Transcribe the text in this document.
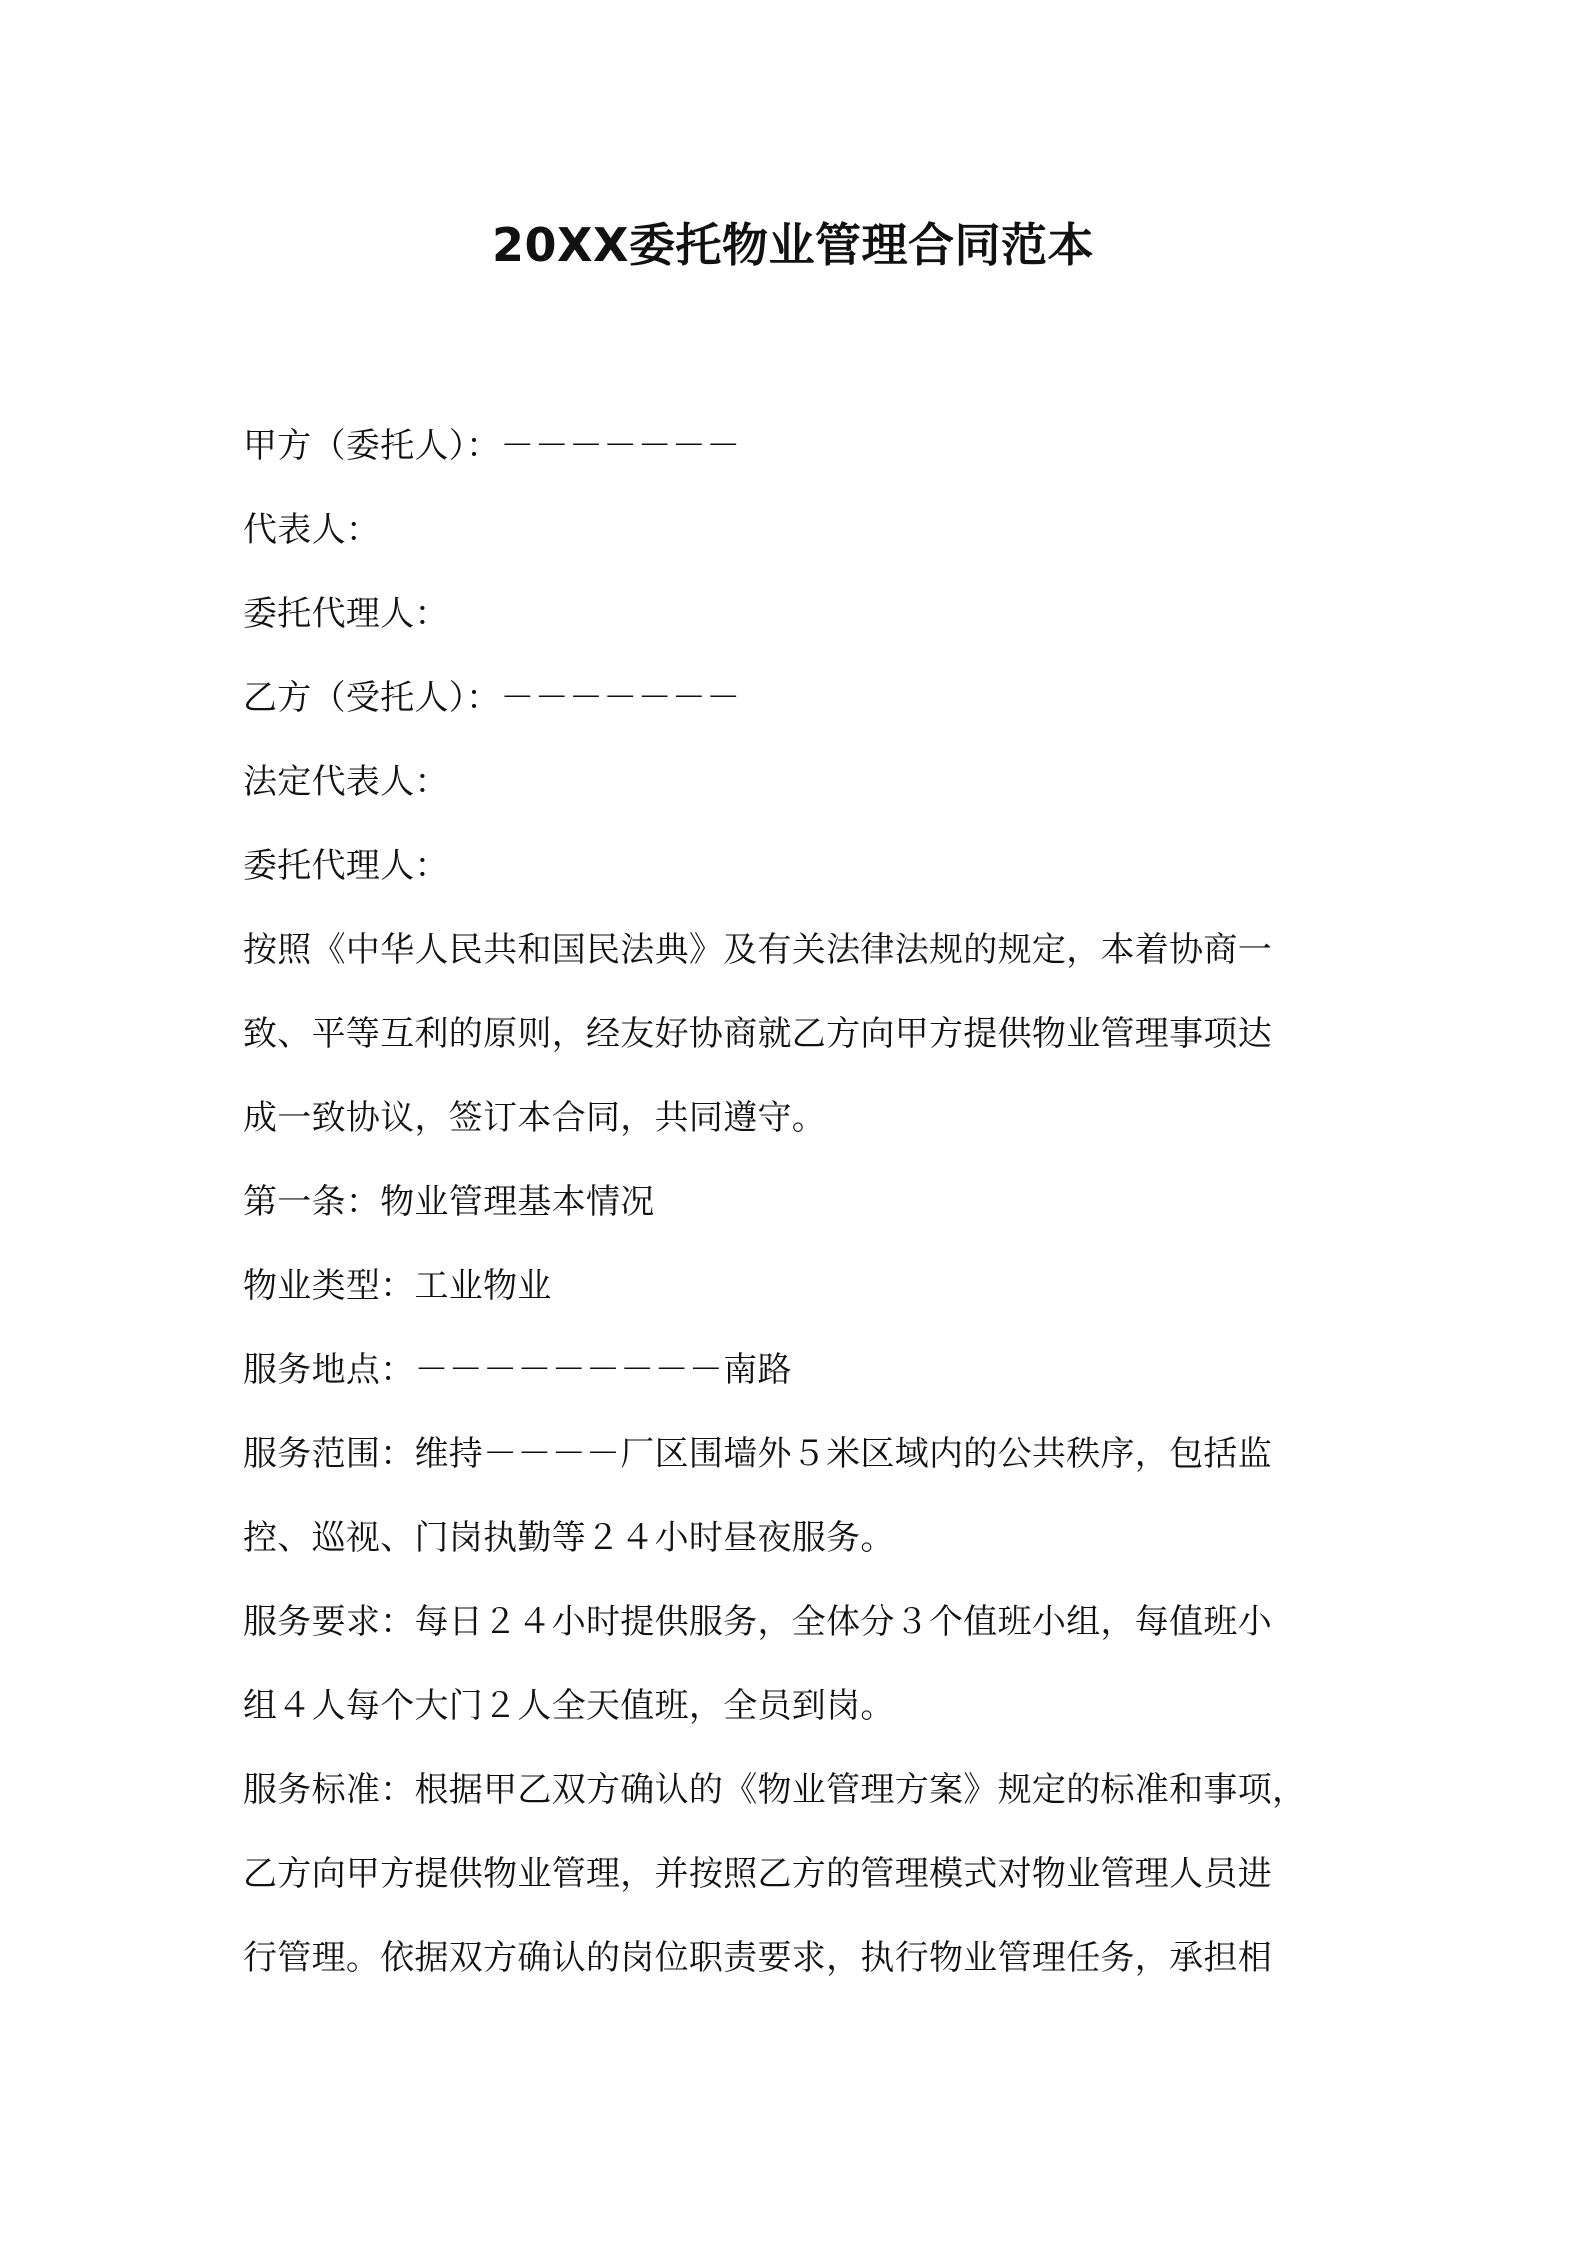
20XX委托物业管理合同范本
甲方（委托人）：－－－－－－－
代表人：
委托代理人：
乙方（受托人）：－－－－－－－
法定代表人：
委托代理人：
按照《中华人民共和国民法典》及有关法律法规的规定，本着协商一
致、平等互利的原则，经友好协商就乙方向甲方提供物业管理事项达
成一致协议，签订本合同，共同遵守。
第一条：物业管理基本情况
物业类型：工业物业
服务地点：－－－－－－－－－南路
服务范围：维持－－－－厂区围墙外５米区域内的公共秩序，包括监
控、巡视、门岗执勤等２４小时昼夜服务。
服务要求：每日２４小时提供服务，全体分３个值班小组，每值班小
组４人每个大门２人全天值班，全员到岗。
服务标准：根据甲乙双方确认的《物业管理方案》规定的标准和事项，
乙方向甲方提供物业管理，并按照乙方的管理模式对物业管理人员进
行管理。依据双方确认的岗位职责要求，执行物业管理任务，承担相
